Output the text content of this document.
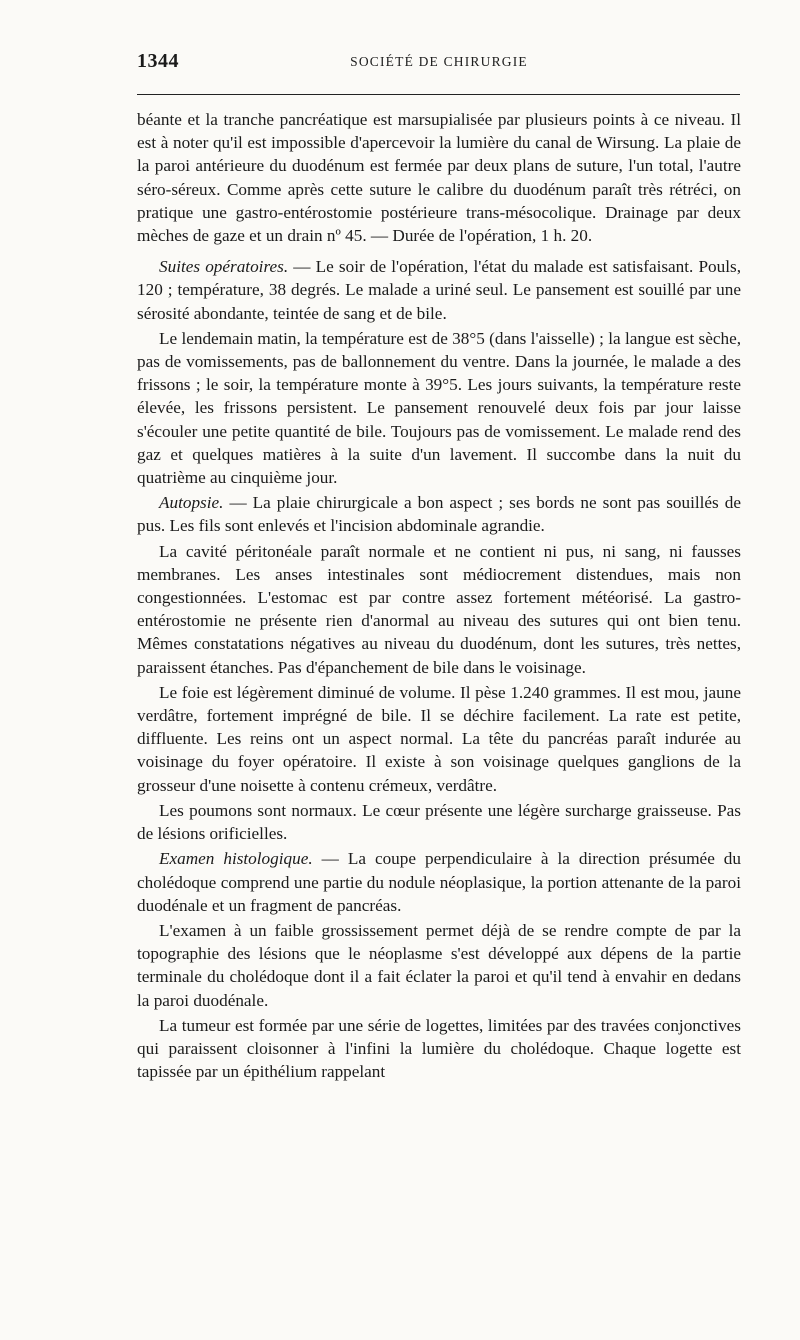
1344	SOCIÉTÉ DE CHIRURGIE

béante et la tranche pancréatique est marsupialisée par plusieurs points à ce niveau. Il est à noter qu'il est impossible d'apercevoir la lumière du canal de Wirsung. La plaie de la paroi antérieure du duodénum est fermée par deux plans de suture, l'un total, l'autre séro-séreux. Comme après cette suture le calibre du duodénum paraît très rétréci, on pratique une gastro-entérostomie postérieure trans-mésocolique. Drainage par deux mèches de gaze et un drain nº 45. — Durée de l'opération, 1 h. 20.

Suites opératoires. — Le soir de l'opération, l'état du malade est satisfaisant. Pouls, 120 ; température, 38 degrés. Le malade a uriné seul. Le pansement est souillé par une sérosité abondante, teintée de sang et de bile.

Le lendemain matin, la température est de 38°5 (dans l'aisselle) ; la langue est sèche, pas de vomissements, pas de ballonnement du ventre. Dans la journée, le malade a des frissons ; le soir, la température monte à 39°5. Les jours suivants, la température reste élevée, les frissons persistent. Le pansement renouvelé deux fois par jour laisse s'écouler une petite quantité de bile. Toujours pas de vomissement. Le malade rend des gaz et quelques matières à la suite d'un lavement. Il succombe dans la nuit du quatrième au cinquième jour.

Autopsie. — La plaie chirurgicale a bon aspect ; ses bords ne sont pas souillés de pus. Les fils sont enlevés et l'incision abdominale agrandie.

La cavité péritonéale paraît normale et ne contient ni pus, ni sang, ni fausses membranes. Les anses intestinales sont médiocrement distendues, mais non congestionnées. L'estomac est par contre assez fortement météorisé. La gastro-entérostomie ne présente rien d'anormal au niveau des sutures qui ont bien tenu. Mêmes constatations négatives au niveau du duodénum, dont les sutures, très nettes, paraissent étanches. Pas d'épanchement de bile dans le voisinage.

Le foie est légèrement diminué de volume. Il pèse 1.240 grammes. Il est mou, jaune verdâtre, fortement imprégné de bile. Il se déchire facilement. La rate est petite, diffluente. Les reins ont un aspect normal. La tête du pancréas paraît indurée au voisinage du foyer opératoire. Il existe à son voisinage quelques ganglions de la grosseur d'une noisette à contenu crémeux, verdâtre.

Les poumons sont normaux. Le cœur présente une légère surcharge graisseuse. Pas de lésions orificielles.

Examen histologique. — La coupe perpendiculaire à la direction présumée du cholédoque comprend une partie du nodule néoplasique, la portion attenante de la paroi duodénale et un fragment de pancréas.

L'examen à un faible grossissement permet déjà de se rendre compte de par la topographie des lésions que le néoplasme s'est développé aux dépens de la partie terminale du cholédoque dont il a fait éclater la paroi et qu'il tend à envahir en dedans la paroi duodénale.

La tumeur est formée par une série de logettes, limitées par des travées conjonctives qui paraissent cloisonner à l'infini la lumière du cholédoque. Chaque logette est tapissée par un épithélium rappelant
